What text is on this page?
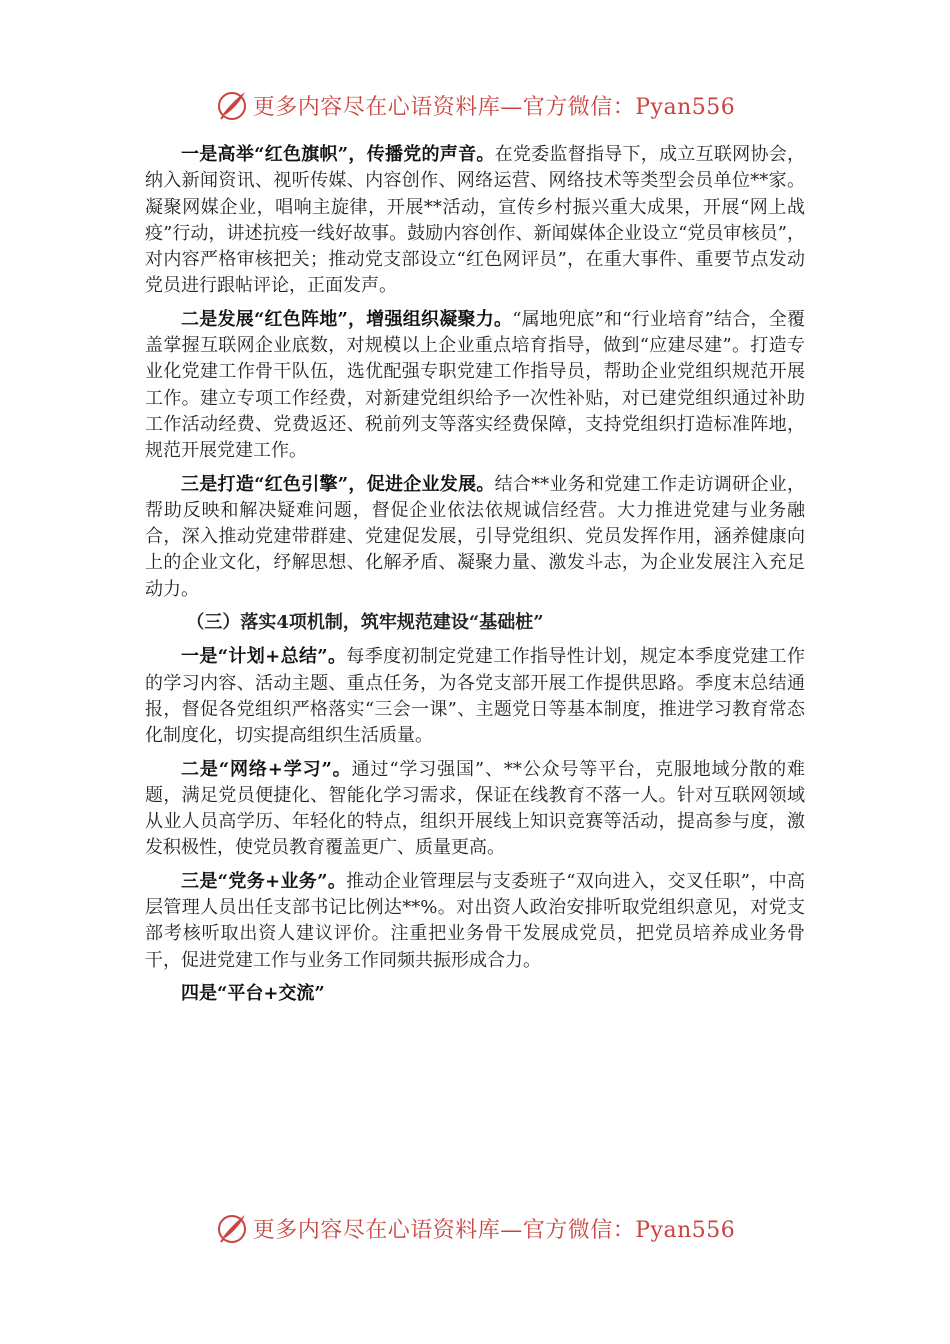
更多内容尽在心语资料库—官方微信：Pyan556

一是高举“红色旗帜”，传播党的声音。在党委监督指导下，成立互联网协会，纳入新闻资讯、视听传媒、内容创作、网络运营、网络技术等类型会员单位**家。凝聚网媒企业，唱响主旋律，开展**活动，宣传乡村振兴重大成果，开展“网上战疫”行动，讲述抗疫一线好故事。鼓励内容创作、新闻媒体企业设立“党员审核员”，对内容严格审核把关；推动党支部设立“红色网评员”，在重大事件、重要节点发动党员进行跟帖评论，正面发声。

二是发展“红色阵地”，增强组织凝聚力。“属地兜底”和“行业培育”结合，全覆盖掌握互联网企业底数，对规模以上企业重点培育指导，做到“应建尽建”。打造专业化党建工作骨干队伍，选优配强专职党建工作指导员，帮助企业党组织规范开展工作。建立专项工作经费，对新建党组织给予一次性补贴，对已建党组织通过补助工作活动经费、党费返还、税前列支等落实经费保障，支持党组织打造标准阵地，规范开展党建工作。

三是打造“红色引擎”，促进企业发展。结合**业务和党建工作走访调研企业，帮助反映和解决疑难问题，督促企业依法依规诚信经营。大力推进党建与业务融合，深入推动党建带群建、党建促发展，引导党组织、党员发挥作用，涵养健康向上的企业文化，纾解思想、化解矛盾、凝聚力量、激发斗志，为企业发展注入充足动力。

（三）落实4项机制，筑牢规范建设“基础桩”

一是“计划+总结”。每季度初制定党建工作指导性计划，规定本季度党建工作的学习内容、活动主题、重点任务，为各党支部开展工作提供思路。季度末总结通报，督促各党组织严格落实“三会一课”、主题党日等基本制度，推进学习教育常态化制度化，切实提高组织生活质量。

二是“网络+学习”。通过“学习强国”、**公众号等平台，克服地域分散的难题，满足党员便捷化、智能化学习需求，保证在线教育不落一人。针对互联网领域从业人员高学历、年轻化的特点，组织开展线上知识竞赛等活动，提高参与度，激发积极性，使党员教育覆盖更广、质量更高。

三是“党务+业务”。推动企业管理层与支委班子“双向进入，交叉任职”，中高层管理人员出任支部书记比例达**%。对出资人政治安排听取党组织意见，对党支部考核听取出资人建议评价。注重把业务骨干发展成党员，把党员培养成业务骨干，促进党建工作与业务工作同频共振形成合力。

四是“平台+交流”

更多内容尽在心语资料库—官方微信：Pyan556
